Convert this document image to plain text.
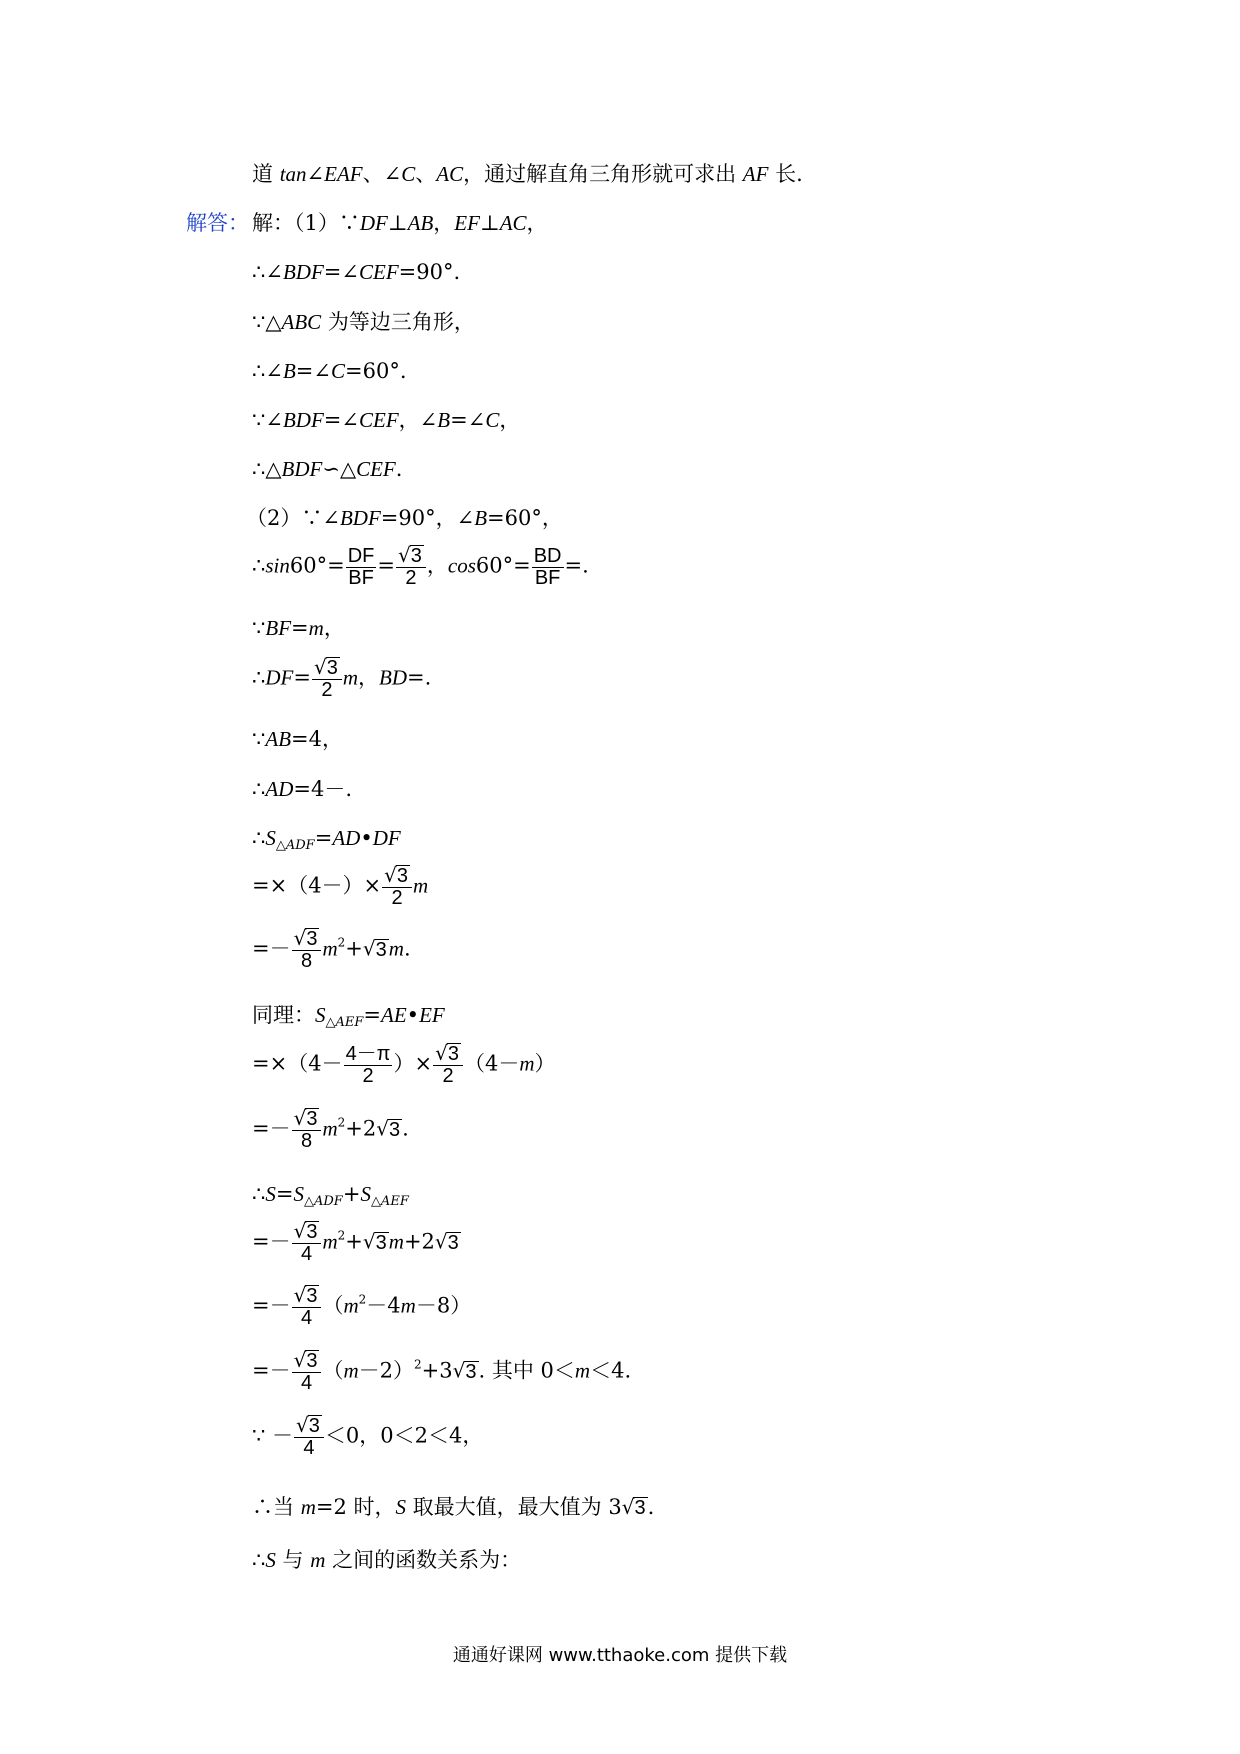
道 tan∠EAF、∠C、AC，通过解直角三角形就可求出 AF 长.
解答： 解：（1）∵DF⊥AB，EF⊥AC，
∴∠BDF=∠CEF=90°.
∵△ABC 为等边三角形，
∴∠B=∠C=60°.
∵∠BDF=∠CEF，∠B=∠C，
∴△BDF∽△CEF.
（2）∵∠BDF=90°，∠B=60°，
∴sin60°= $\frac{DF}{BF} = \frac{√3}{2}$ ，$\cos 60^\circ= \frac{BD}{BF}$ =.
∵BF=m，
∴DF= $\frac{√3}{2}$ m，BD=.
∵AB=4，
∴AD=4－.
$\therefore S_{\triangle ADF}=AD•DF$
$=\times(4-)\times \frac{√3}{2}$ m
=－ $\frac{√3}{8} m^2+√3m$.
同理：$S_{\triangle AEF}=AE•EF$
$=\times(4- \frac{4-\pi}{2}$ ）× $\frac{√3}{2} (4-m)$
=－ $\frac{√3}{8} m^2+2√3$.
$\therefore S=S_{\triangle ADF}+S_{\triangle AEF}$
=－ $\frac{√3}{4} m^2+√3m+2√3$
=－ $\frac{√3}{4} (m^2-4m-8)$
=－ $\frac{√3}{4} (m-2)^2+3√3$. 其中 0＜m＜4.
∵ － $\frac{√3}{4} <0$，0＜2＜4，
∴当 m=2 时，S 取最大值，最大值为 3√3.
∴S 与 m 之间的函数关系为：
通通好课网 www.tthaoke.com 提供下载
